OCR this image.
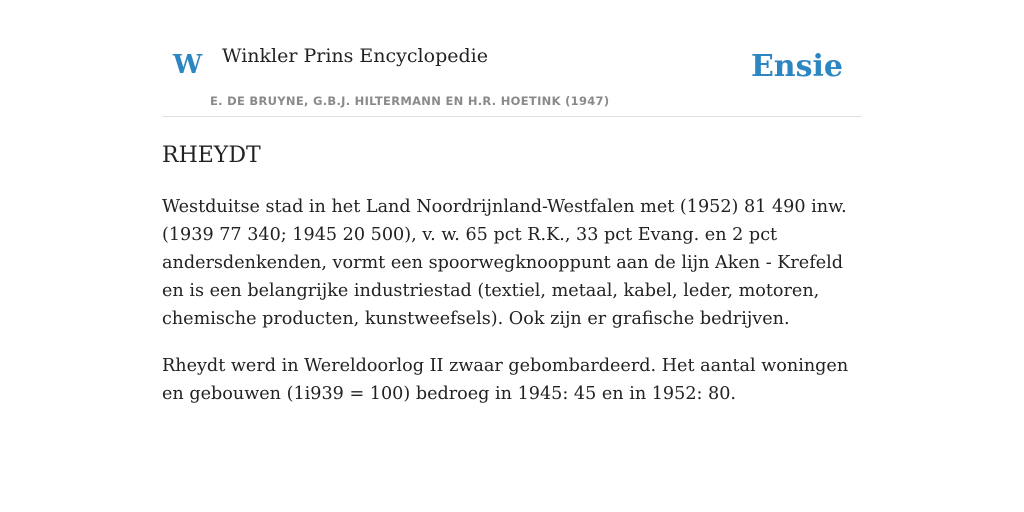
W Winkler Prins Encyclopedie
E. DE BRUYNE, G.B.J. HILTERMANN EN H.R. HOETINK (1947)
Ensie
RHEYDT

Westduitse stad in het Land Noordrijnland-Westfalen met (1952) 81 490 inw. (1939 77 340; 1945 20 500), v. w. 65 pct R.K., 33 pct Evang. en 2 pct andersdenkenden, vormt een spoorwegknooppunt aan de lijn Aken - Krefeld en is een belangrijke industriestad (textiel, metaal, kabel, leder, motoren, chemische producten, kunstweefsels). Ook zijn er grafische bedrijven.

Rheydt werd in Wereldoorlog II zwaar gebombardeerd. Het aantal woningen en gebouwen (1i939 = 100) bedroeg in 1945: 45 en in 1952: 80.
